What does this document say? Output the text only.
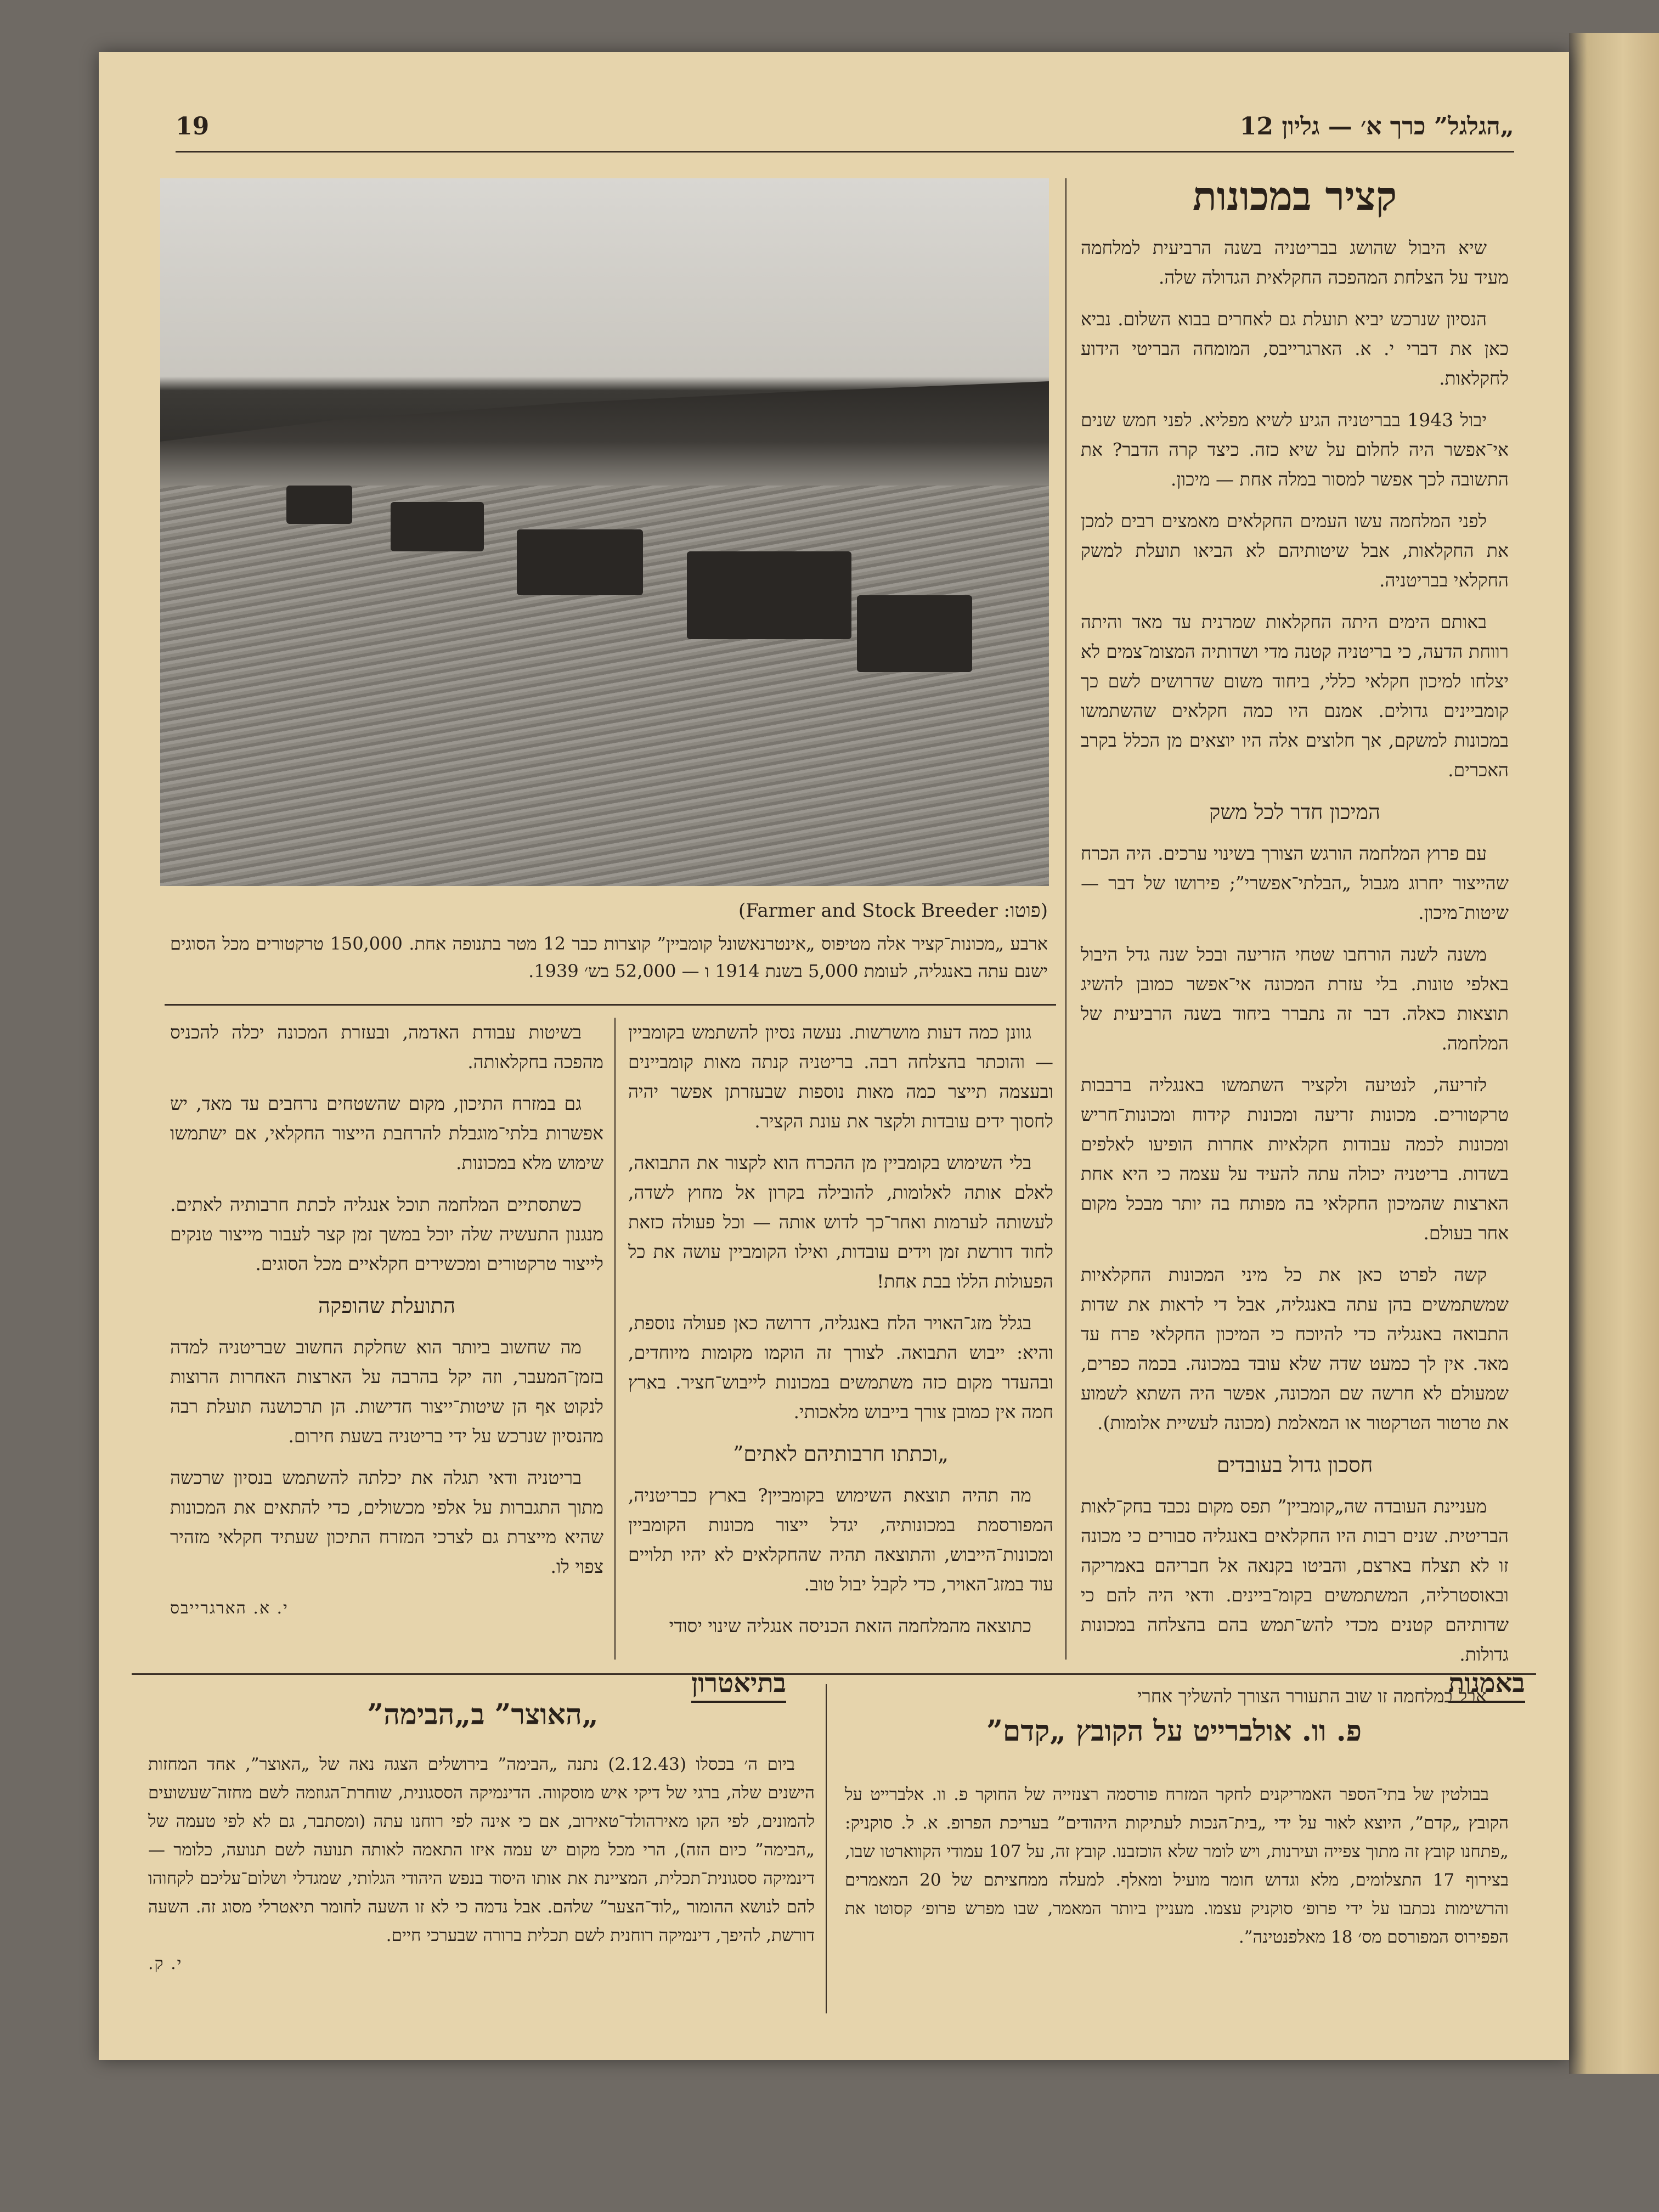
19	„הגלגל” כרך א׳ — גליון 12
(פוטו: Farmer and Stock Breeder)
ארבע „מכונות־קציר אלה מטיפוס „אינטרנאשונל קומביין” קוצרות כבר 12 מטר בתנופה אחת. 150,000 טרקטורים מכל הסוגים ישנם עתה באנגליה, לעומת 5,000 בשנת 1914 ו — 52,000 בש׳ 1939.
קציר במכונות

שיא היבול שהושג בבריטניה בשנה הרביעית למלחמה מעיד על הצלחת המהפכה החקלאית הגדולה שלה.

הנסיון שנרכש יביא תועלת גם לאחרים בבוא השלום. נביא כאן את דברי י. א. הארגרייבס, המומחה הבריטי הידוע לחקלאות.

יבול 1943 בבריטניה הגיע לשיא מפליא. לפני חמש שנים אי־אפשר היה לחלום על שיא כזה. כיצד קרה הדבר? את התשובה לכך אפשר למסור במלה אחת — מיכון.

לפני המלחמה עשו העמים החקלאים מאמצים רבים למכן את החקלאות, אבל שיטותיהם לא הביאו תועלת למשק החקלאי בבריטניה.

באותם הימים היתה החקלאות שמרנית עד מאד והיתה רווחת הדעה, כי בריטניה קטנה מדי ושדותיה המצומ־צמים לא יצלחו למיכון חקלאי כללי, ביחוד משום שדרושים לשם כך קומביינים גדולים. אמנם היו כמה חקלאים שהשתמשו במכונות למשקם, אך חלוצים אלה היו יוצאים מן הכלל בקרב האכרים.

המיכון חדר לכל משק

עם פרוץ המלחמה הורגש הצורך בשינוי ערכים. היה הכרח שהייצור יחרוג מגבול „הבלתי־אפשרי”; פירושו של דבר — שיטות־מיכון.

משנה לשנה הורחבו שטחי הזריעה ובכל שנה גדל היבול באלפי טונות. בלי עזרת המכונה אי־אפשר כמובן להשיג תוצאות כאלה. דבר זה נתברר ביחוד בשנה הרביעית של המלחמה.

לזריעה, לנטיעה ולקציר השתמשו באנגליה ברבבות טרקטורים. מכונות זריעה ומכונות קידוח ומכונות־חריש ומכונות לכמה עבודות חקלאיות אחרות הופיעו לאלפים בשדות. בריטניה יכולה עתה להעיד על עצמה כי היא אחת הארצות שהמיכון החקלאי בה מפותח בה יותר מבכל מקום אחר בעולם.

קשה לפרט כאן את כל מיני המכונות החקלאיות שמשתמשים בהן עתה באנגליה, אבל די לראות את שדות התבואה באנגליה כדי להיוכח כי המיכון החקלאי פרח עד מאד. אין לך כמעט שדה שלא עובד במכונה. בכמה כפרים, שמעולם לא חרשה שם המכונה, אפשר היה השתא לשמוע את טרטור הטרקטור או המאלמת (מכונה לעשיית אלומות).

חסכון גדול בעובדים

מעניינת העובדה שה„קומביין” תפס מקום נכבד בחק־לאות הבריטית. שנים רבות היו החקלאים באנגליה סבורים כי מכונה זו לא תצלח בארצם, והביטו בקנאה אל חבריהם באמריקה ובאוסטרליה, המשתמשים בקומ־ביינים. ודאי היה להם כי שדותיהם קטנים מכדי להש־תמש בהם בהצלחה במכונות גדולות.

אבל במלחמה זו שוב התעורר הצורך להשליך אחרי

גוונן כמה דעות מושרשות. נעשה נסיון להשתמש בקומביין — והוכתר בהצלחה רבה. בריטניה קנתה מאות קומביינים ובעצמה תייצר כמה מאות נוספות שבעזרתן אפשר יהיה לחסוך ידים עובדות ולקצר את עונת הקציר.

בלי השימוש בקומביין מן ההכרח הוא לקצור את התבואה, לאלם אותה לאלומות, להובילה בקרון אל מחוץ לשדה, לעשותה לערמות ואחר־כך לדוש אותה — וכל פעולה כזאת לחוד דורשת זמן וידים עובדות, ואילו הקומביין עושה את כל הפעולות הללו בבת אחת!

בגלל מזג־האויר הלח באנגליה, דרושה כאן פעולה נוספת, והיא: ייבוש התבואה. לצורך זה הוקמו מקומות מיוחדים, ובהעדר מקום כזה משתמשים במכונות לייבוש־חציר. בארץ חמה אין כמובן צורך בייבוש מלאכותי.

„וכתתו חרבותיהם לאתים”

מה תהיה תוצאת השימוש בקומביין? בארץ כבריטניה, המפורסמת במכונותיה, יגדל ייצור מכונות הקומביין ומכונות־הייבוש, והתוצאה תהיה שהחקלאים לא יהיו תלויים עוד במזג־האויר, כדי לקבל יבול טוב.

כתוצאה מהמלחמה הזאת הכניסה אנגליה שינוי יסודי

בשיטות עבודת האדמה, ובעזרת המכונה יכלה להכניס מהפכה בחקלאותה.

גם במזרח התיכון, מקום שהשטחים נרחבים עד מאד, יש אפשרות בלתי־מוגבלת להרחבת הייצור החקלאי, אם ישתמשו שימוש מלא במכונות.

כשתסתיים המלחמה תוכל אנגליה לכתת חרבותיה לאתים. מנגנון התעשיה שלה יוכל במשך זמן קצר לעבור מייצור טנקים לייצור טרקטורים ומכשירים חקלאיים מכל הסוגים.

התועלת שהופקה

מה שחשוב ביותר הוא שחלקת החשוב שבריטניה למדה בזמן־המעבר, וזה יקל בהרבה על הארצות האחרות הרוצות לנקוט אף הן שיטות־ייצור חדישות. הן תרכושנה תועלת רבה מהנסיון שנרכש על ידי בריטניה בשעת חירום.

בריטניה ודאי תגלה את יכלתה להשתמש בנסיון שרכשה מתוך התגברות על אלפי מכשולים, כדי להתאים את המכונות שהיא מייצרת גם לצרכי המזרח התיכון שעתיד חקלאי מזהיר צפוי לו.

י. א. הארגרייבס

באמנות
פ. וו. אולברייט על הקובץ „קדם”

בבולטין של בתי־הספר האמריקנים לחקר המזרח פורסמה רצנזייה של החוקר פ. וו. אלברייט על הקובץ „קדם”, היוצא לאור על ידי „בית־הנכות לעתיקות היהודים” בעריכת הפרופ. א. ל. סוקניק: „פתחנו קובץ זה מתוך צפייה ועירנות, ויש לומר שלא הוכזבנו. קובץ זה, על 107 עמודי הקווארטו שבו, בצירוף 17 התצלומים, מלא וגדוש חומר מועיל ומאלף. למעלה ממחציתם של 20 המאמרים והרשימות נכתבו על ידי פרופ׳ סוקניק עצמו. מעניין ביותר המאמר, שבו מפרש פרופ׳ קסוטו את הפפירוס המפורסם מס׳ 18 מאלפנטינה”.

בתיאטרון
„האוצר” ב„הבימה”

ביום ה׳ בכסלו (2.12.43) נתנה „הבימה” בירושלים הצגה נאה של „האוצר”, אחד המחזות הישנים שלה, ברגי של דיקי איש מוסקווה. הדינמיקה הססגונית, שוחרת־הגוזמה לשם מחזה־שעשועים להמונים, לפי הקו מאירהולד־טאירוב, אם כי אינה לפי רוחנו עתה (ומסתבר, גם לא לפי טעמה של „הבימה” כיום הזה), הרי מכל מקום יש עמה איזו התאמה לאותה תנועה לשם תנועה, כלומר — דינמיקה ססגונית־תכלית, המציינת את אותו היסוד בנפש היהודי הגלותי, שמגדלי ושלום־עליכם לקחוהו להם לנושא ההומור „לוד־הצער” שלהם. אבל נדמה כי לא זו השעה לחומר תיאטרלי מסוג זה. השעה דורשת, להיפך, דינמיקה רוחנית לשם תכלית ברורה שבערכי חיים.

י. ק.
